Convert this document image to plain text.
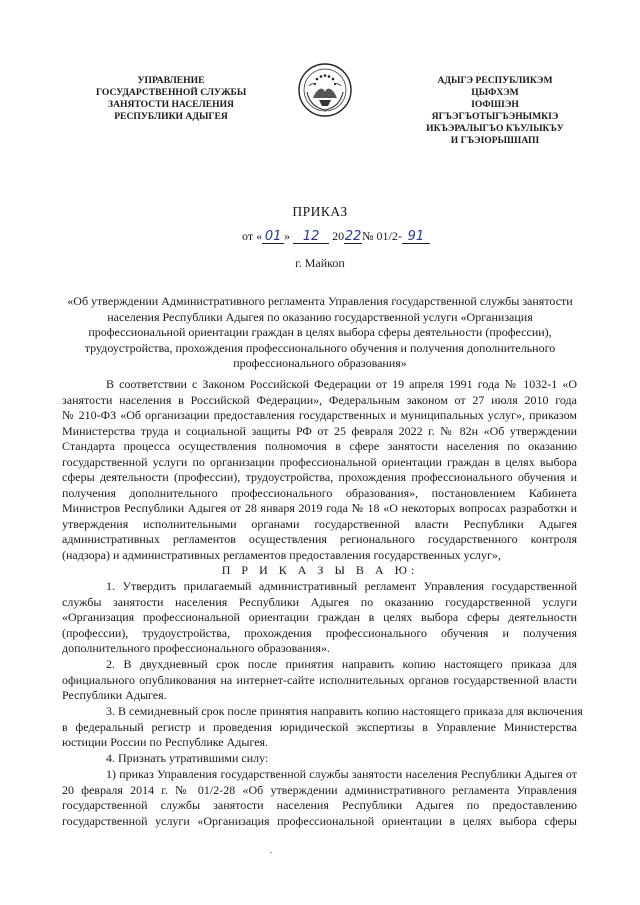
УПРАВЛЕНИЕ
ГОСУДАРСТВЕННОЙ СЛУЖБЫ
ЗАНЯТОСТИ НАСЕЛЕНИЯ
РЕСПУБЛИКИ АДЫГЕЯ
АДЫГЭ РЕСПУБЛИКЭМ
ЦЫФХЭМ
IОФШIЭН
ЯГЪЭГЪОТЫГЪЭНЫМКIЭ
ИКЪЭРАЛЫГЪО КЪУЛЫКЪУ
И ГЪЭIОРЫШIАПI
ПРИКАЗ
от « 01 » 12 2022№ 01/2- 91
г. Майкоп
«Об утверждении Административного регламента Управления государственной службы занятости
населения Республики Адыгея по оказанию государственной услуги «Организация
профессиональной ориентации граждан в целях выбора сферы деятельности (профессии),
трудоустройства, прохождения профессионального обучения и получения дополнительного
профессионального образования»
В соответствии с Законом Российской Федерации от 19 апреля 1991 года № 1032-1 «О
занятости населения в Российской Федерации», Федеральным законом от 27 июля 2010 года
№ 210-ФЗ «Об организации предоставления государственных и муниципальных услуг», приказом
Министерства труда и социальной защиты РФ от 25 февраля 2022 г. № 82н «Об утверждении
Стандарта процесса осуществления полномочия в сфере занятости населения по оказанию
государственной услуги по организации профессиональной ориентации граждан в целях выбора
сферы деятельности (профессии), трудоустройства, прохождения профессионального обучения и
получения дополнительного профессионального образования», постановлением Кабинета
Министров Республики Адыгея от 28 января 2019 года № 18 «О некоторых вопросах разработки и
утверждения исполнительными органами государственной власти Республики Адыгея
административных регламентов осуществления регионального государственного контроля
(надзора) и административных регламентов предоставления государственных услуг»,
П Р И К А З Ы В А Ю:
1. Утвердить прилагаемый административный регламент Управления государственной
службы занятости населения Республики Адыгея по оказанию государственной услуги
«Организация профессиональной ориентации граждан в целях выбора сферы деятельности
(профессии), трудоустройства, прохождения профессионального обучения и получения
дополнительного профессионального образования».
2. В двухдневный срок после принятия направить копию настоящего приказа для
официального опубликования на интернет-сайте исполнительных органов государственной власти
Республики Адыгея.
3. В семидневный срок после принятия направить копию настоящего приказа для включения
в федеральный регистр и проведения юридической экспертизы в Управление Министерства
юстиции России по Республике Адыгея.
4. Признать утратившими силу:
1) приказ Управления государственной службы занятости населения Республики Адыгея от
20 февраля 2014 г. № 01/2-28 «Об утверждении административного регламента Управления
государственной службы занятости населения Республики Адыгея по предоставлению
государственной услуги «Организация профессиональной ориентации в целях выбора сферы
